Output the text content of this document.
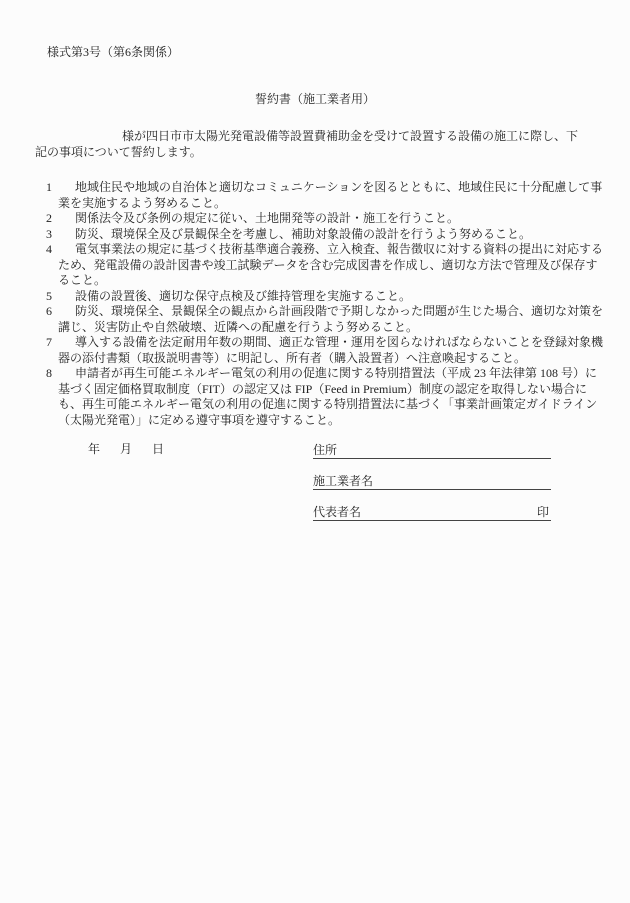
様式第3号（第6条関係）
誓約書（施工業者用）
様が四日市市太陽光発電設備等設置費補助金を受けて設置する設備の施工に際し、下
記の事項について誓約します。
1	地域住民や地域の自治体と適切なコミュニケーションを図るとともに、地域住民に十分配慮して事
業を実施するよう努めること。
2	関係法令及び条例の規定に従い、土地開発等の設計・施工を行うこと。
3	防災、環境保全及び景観保全を考慮し、補助対象設備の設計を行うよう努めること。
4	電気事業法の規定に基づく技術基準適合義務、立入検査、報告徴収に対する資料の提出に対応する
ため、発電設備の設計図書や竣工試験データを含む完成図書を作成し、適切な方法で管理及び保存す
ること。
5	設備の設置後、適切な保守点検及び維持管理を実施すること。
6	防災、環境保全、景観保全の観点から計画段階で予期しなかった問題が生じた場合、適切な対策を
講じ、災害防止や自然破壊、近隣への配慮を行うよう努めること。
7	導入する設備を法定耐用年数の期間、適正な管理・運用を図らなければならないことを登録対象機
器の添付書類（取扱説明書等）に明記し、所有者（購入設置者）へ注意喚起すること。
8	申請者が再生可能エネルギー電気の利用の促進に関する特別措置法（平成 23 年法律第 108 号）に
基づく固定価格買取制度（FIT）の認定又は FIP（Feed in Premium）制度の認定を取得しない場合に
も、再生可能エネルギー電気の利用の促進に関する特別措置法に基づく「事業計画策定ガイドライン
（太陽光発電）」に定める遵守事項を遵守すること。
年 月 日	住所
施工業者名
代表者名	印
